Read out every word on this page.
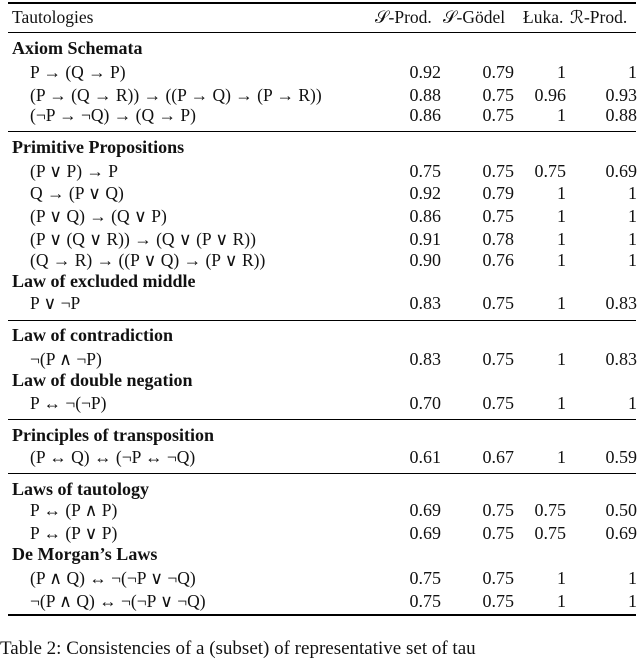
Tautologies	𝒮-Prod. 𝒮-Gödel Łuka. ℛ-Prod.
Axiom Schemata
P → (Q → P)	0.92	0.79	1	1
(P → (Q → R)) → ((P → Q) → (P → R))	0.88	0.75	0.96	0.93
(¬P → ¬Q) → (Q → P)	0.86	0.75	1	0.88
Primitive Propositions
(P ∨ P) → P	0.75	0.75	0.75	0.69
Q → (P ∨ Q)	0.92	0.79	1	1
(P ∨ Q) → (Q ∨ P)	0.86	0.75	1	1
(P ∨ (Q ∨ R)) → (Q ∨ (P ∨ R))	0.91	0.78	1	1
(Q → R) → ((P ∨ Q) → (P ∨ R))	0.90	0.76	1	1
Law of excluded middle
P ∨ ¬P	0.83	0.75	1	0.83
Law of contradiction
¬(P ∧ ¬P)	0.83	0.75	1	0.83
Law of double negation
P ↔ ¬(¬P)	0.70	0.75	1	1
Principles of transposition
(P ↔ Q) ↔ (¬P ↔ ¬Q)	0.61	0.67	1	0.59
Laws of tautology
P ↔ (P ∧ P)	0.69	0.75	0.75	0.50
P ↔ (P ∨ P)	0.69	0.75	0.75	0.69
De Morgan’s Laws
(P ∧ Q) ↔ ¬(¬P ∨ ¬Q)	0.75	0.75	1	1
¬(P ∧ Q) ↔ ¬(¬P ∨ ¬Q)	0.75	0.75	1	1
Table 2: Consistencies of a (subset) of representative set of tau
